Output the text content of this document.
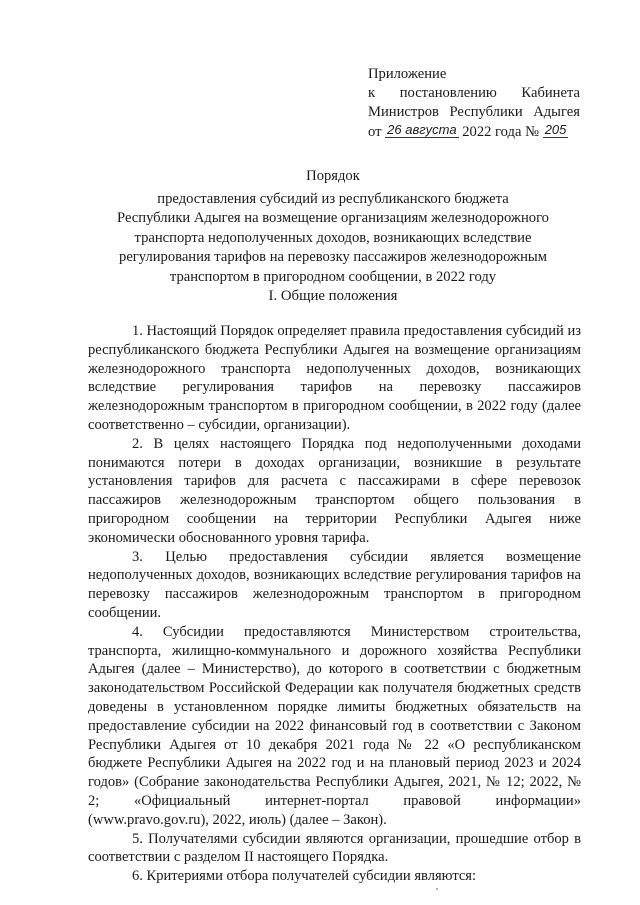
Приложение
к постановлению Кабинета
Министров Республики Адыгея
от 26 августа 2022 года № 205
Порядок
предоставления субсидий из республиканского бюджета
Республики Адыгея на возмещение организациям железнодорожного
транспорта недополученных доходов, возникающих вследствие
регулирования тарифов на перевозку пассажиров железнодорожным
транспортом в пригородном сообщении, в 2022 году
I. Общие положения

1. Настоящий Порядок определяет правила предоставления субсидий из республиканского бюджета Республики Адыгея на возмещение организациям железнодорожного транспорта недополученных доходов, возникающих вследствие регулирования тарифов на перевозку пассажиров железнодорожным транспортом в пригородном сообщении, в 2022 году (далее соответственно – субсидии, организации).

2. В целях настоящего Порядка под недополученными доходами понимаются потери в доходах организации, возникшие в результате установления тарифов для расчета с пассажирами в сфере перевозок пассажиров железнодорожным транспортом общего пользования в пригородном сообщении на территории Республики Адыгея ниже экономически обоснованного уровня тарифа.

3. Целью предоставления субсидии является возмещение недополученных доходов, возникающих вследствие регулирования тарифов на перевозку пассажиров железнодорожным транспортом в пригородном сообщении.

4. Субсидии предоставляются Министерством строительства, транспорта, жилищно-коммунального и дорожного хозяйства Республики Адыгея (далее – Министерство), до которого в соответствии с бюджетным законодательством Российской Федерации как получателя бюджетных средств доведены в установленном порядке лимиты бюджетных обязательств на предоставление субсидии на 2022 финансовый год в соответствии с Законом Республики Адыгея от 10 декабря 2021 года № 22 «О республиканском бюджете Республики Адыгея на 2022 год и на плановый период 2023 и 2024 годов» (Собрание законодательства Республики Адыгея, 2021, № 12; 2022, № 2; «Официальный интернет-портал правовой информации» (www.pravo.gov.ru), 2022, июль) (далее – Закон).

5. Получателями субсидии являются организации, прошедшие отбор в соответствии с разделом II настоящего Порядка.

6. Критериями отбора получателей субсидии являются:
